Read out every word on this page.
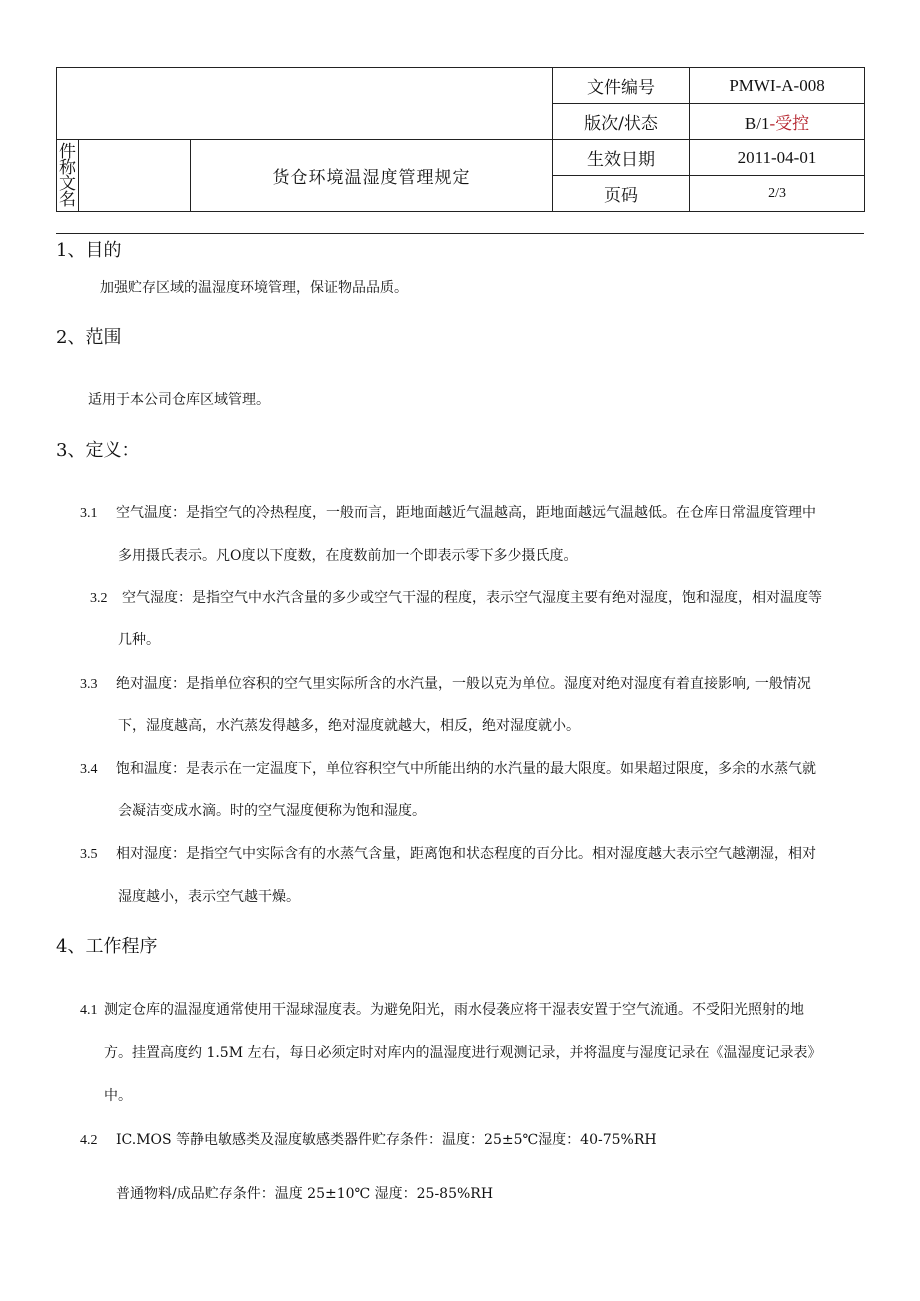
			文件编号	PMWI-A-008
			版次/状态	B/1-受控

件
称
文
名		货仓环境温湿度管理规定	生效日期	2011-04-01
			页码	2/3
1、目的
加强贮存区域的温湿度环境管理，保证物品品质。
2、范围
适用于本公司仓库区域管理。
3、定义：
3.1 空气温度：是指空气的冷热程度，一般而言，距地面越近气温越高，距地面越远气温越低。在仓库日常温度管理中
多用摄氏表示。凡O度以下度数，在度数前加一个即表示零下多少摄氏度。
3.2 空气湿度：是指空气中水汽含量的多少或空气干湿的程度，表示空气湿度主要有绝对湿度，饱和湿度，相对温度等
几种。
3.3 绝对温度：是指单位容积的空气里实际所含的水汽量，一般以克为单位。湿度对绝对湿度有着直接影响, 一般情况
下，湿度越高，水汽蒸发得越多，绝对湿度就越大，相反，绝对湿度就小。
3.4 饱和温度：是表示在一定温度下，单位容积空气中所能出纳的水汽量的最大限度。如果超过限度，多余的水蒸气就
会凝洁变成水滴。时的空气湿度便称为饱和湿度。
3.5 相对湿度：是指空气中实际含有的水蒸气含量，距离饱和状态程度的百分比。相对湿度越大表示空气越潮湿，相对
湿度越小，表示空气越干燥。
4、工作程序
4.1 测定仓库的温湿度通常使用干湿球湿度表。为避免阳光，雨水侵袭应将干湿表安置于空气流通。不受阳光照射的地
方。挂置高度约 1.5M 左右，每日必须定时对库内的温湿度进行观测记录，并将温度与湿度记录在《温湿度记录表》
中。
4.2 IC.MOS 等静电敏感类及湿度敏感类器件贮存条件：温度：25±5℃湿度：40-75%RH
普通物料/成品贮存条件：温度 25±10℃ 湿度：25-85%RH
